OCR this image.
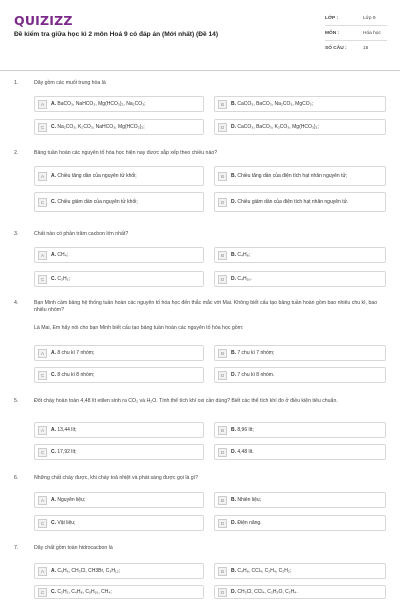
QUIZIZZ
Đề kiểm tra giữa học kì 2 môn Hoá 9 có đáp án (Mới nhất) (Đề 14)
LỚP :	Lớp 9
MÔN :	Hóa học
SỐ CÂU :	16
1.	Dãy gồm các muối trung hòa là
A	A. BaCO₃, NaHCO₃, Mg(HCO₃)₂, Na₂CO₃;	B	B. CaCO₃, BaCO₃, Na₂CO₃, MgCO₃;
C	C. Na₂CO₃, K₂CO₃, NaHCO₃, Mg(HCO₃)₂;	D	D. CaCO₃, BaCO₃, K₂CO₃, Mg(HCO₃)₂;
2.	Bảng tuần hoàn các nguyên tố hóa học hiện nay được sắp xếp theo chiều nào?
A	A. Chiều tăng dần của nguyên tử khối;	B	B. Chiều tăng dần của điện tích hạt nhân nguyên tử;
C	C. Chiều giảm dần của nguyên tử khối;	D	D. Chiều giảm dần của điện tích hạt nhân nguyên tử.
3.	Chất nào có phần trăm cacbon lớn nhất?
A	A. CH₄;	B	B. C₄H₈;
C	C. C₂H₂;	D	D. C₄H₁₀.
4.	Bạn Minh cầm bảng hệ thống tuần hoàn các nguyên tố hóa học đến thắc mắc với Mai. Không biết cấu tạo bảng tuần hoàn gồm bao nhiêu chu kì, bao nhiêu nhóm?
Là Mai, Em hãy nói cho bạn Minh biết cấu tạo bảng tuần hoàn các nguyên tố hóa học gồm:
A	A. 8 chu kì 7 nhóm;	B	B. 7 chu kì 7 nhóm;
C	C. 8 chu kì 8 nhóm;	D	D. 7 chu kì 8 nhóm.
5.	Đốt cháy hoàn toàn 4,48 lít etilen sinh ra CO₂ và H₂O. Tính thể tích khí oxi cần dùng? Biết các thể tích khí đo ở điều kiện tiêu chuẩn.
A	A. 13,44 lít;	B	B. 8,96 lít;
C	C. 17,92 lít;	D	D. 4,48 lít.
6.	Những chất cháy được, khi cháy toả nhiệt và phát sáng được gọi là gì?
A	A. Nguyên liệu;	B	B. Nhiên liệu;
C	C. Vật liệu;	D	D. Điện năng.
7.	Dãy chất gồm toàn hidrocacbon là
A	A. C₆H₆, CH₃Cl, CH3Br, C₃H₁₂;	B	B. C₄H₈, CCl₄, C₂H₄, C₂H₂;
C	C. C₂H₂, C₄H₈, C₅H₁₀, CH₄;	D	D. CH₃Cl, CCl₄, C₂H₅O, C₂H₄.
